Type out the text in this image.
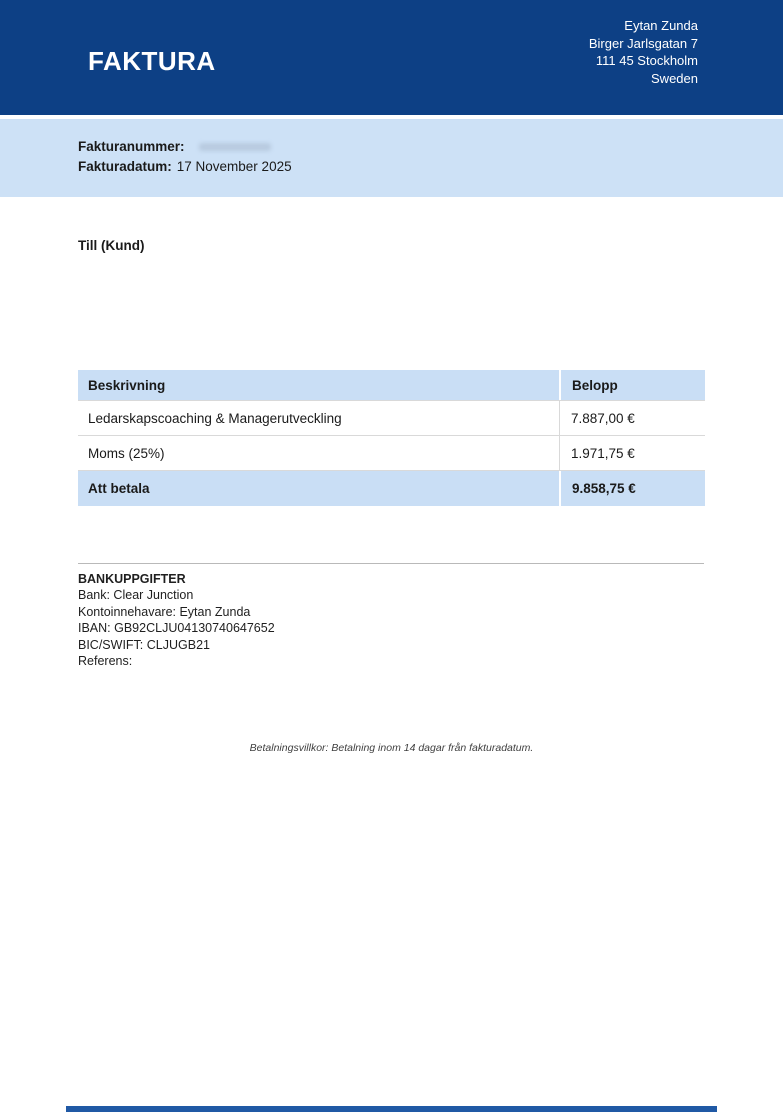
FAKTURA
Eytan Zunda
Birger Jarlsgatan 7
111 45 Stockholm
Sweden
Fakturanummer:
Fakturadatum: 17 November 2025
Till (Kund)
Beskrivning	Belopp
Ledarskapscoaching & Managerutveckling	7.887,00 €
Moms (25%)	1.971,75 €
Att betala	9.858,75 €
BANKUPPGIFTER
Bank: Clear Junction
Kontoinnehavare: Eytan Zunda
IBAN: GB92CLJU04130740647652
BIC/SWIFT: CLJUGB21
Referens:
Betalningsvillkor: Betalning inom 14 dagar från fakturadatum.
